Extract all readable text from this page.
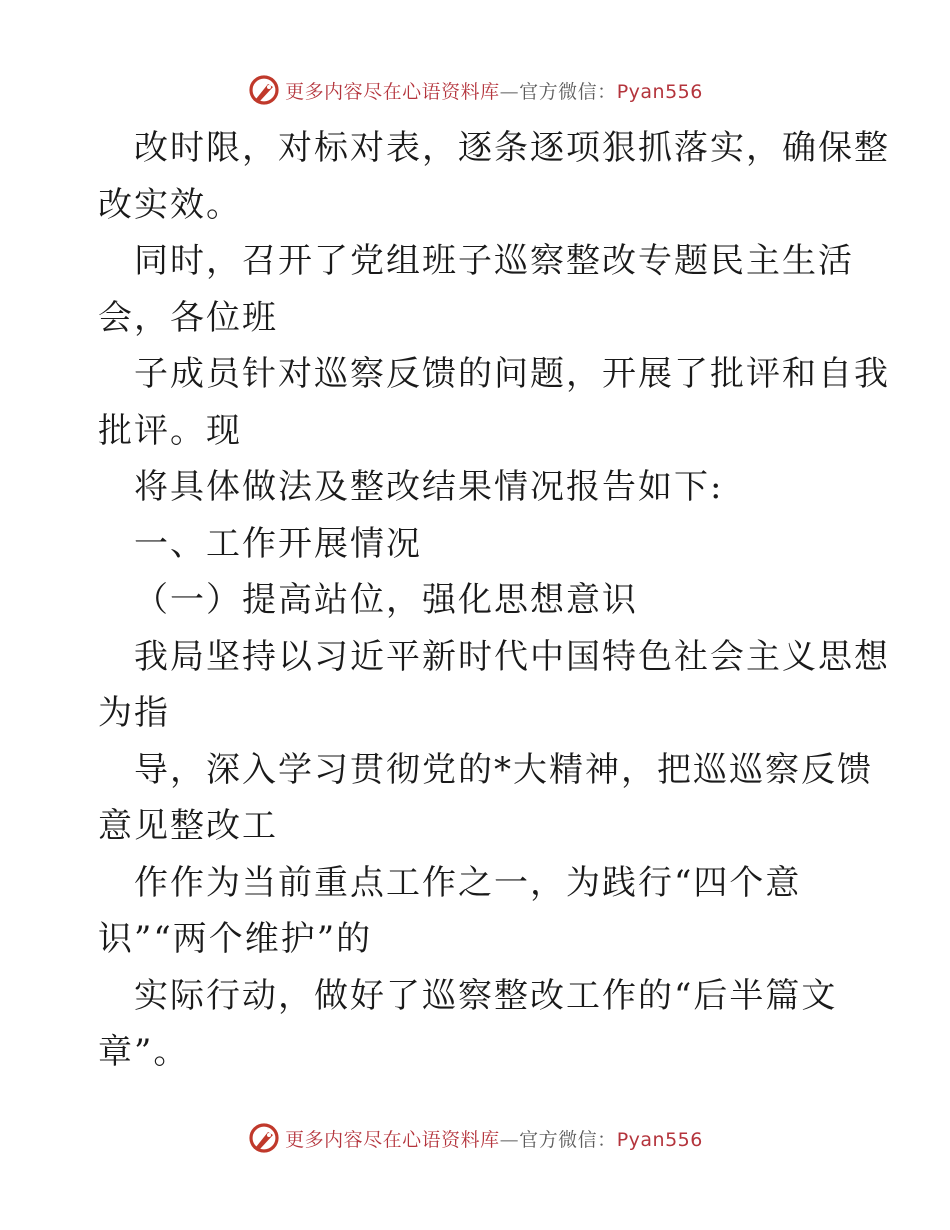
更多内容尽在心语资料库—官方微信：Pyan556
改时限，对标对表，逐条逐项狠抓落实，确保整
改实效。
同时，召开了党组班子巡察整改专题民主生活
会，各位班
子成员针对巡察反馈的问题，开展了批评和自我
批评。现
将具体做法及整改结果情况报告如下:
一、工作开展情况
（一）提高站位，强化思想意识
我局坚持以习近平新时代中国特色社会主义思想
为指
导，深入学习贯彻党的*大精神，把巡巡察反馈
意见整改工
作作为当前重点工作之一，为践行“四个意
识”“两个维护”的
实际行动，做好了巡察整改工作的“后半篇文
章”。
更多内容尽在心语资料库—官方微信：Pyan556
